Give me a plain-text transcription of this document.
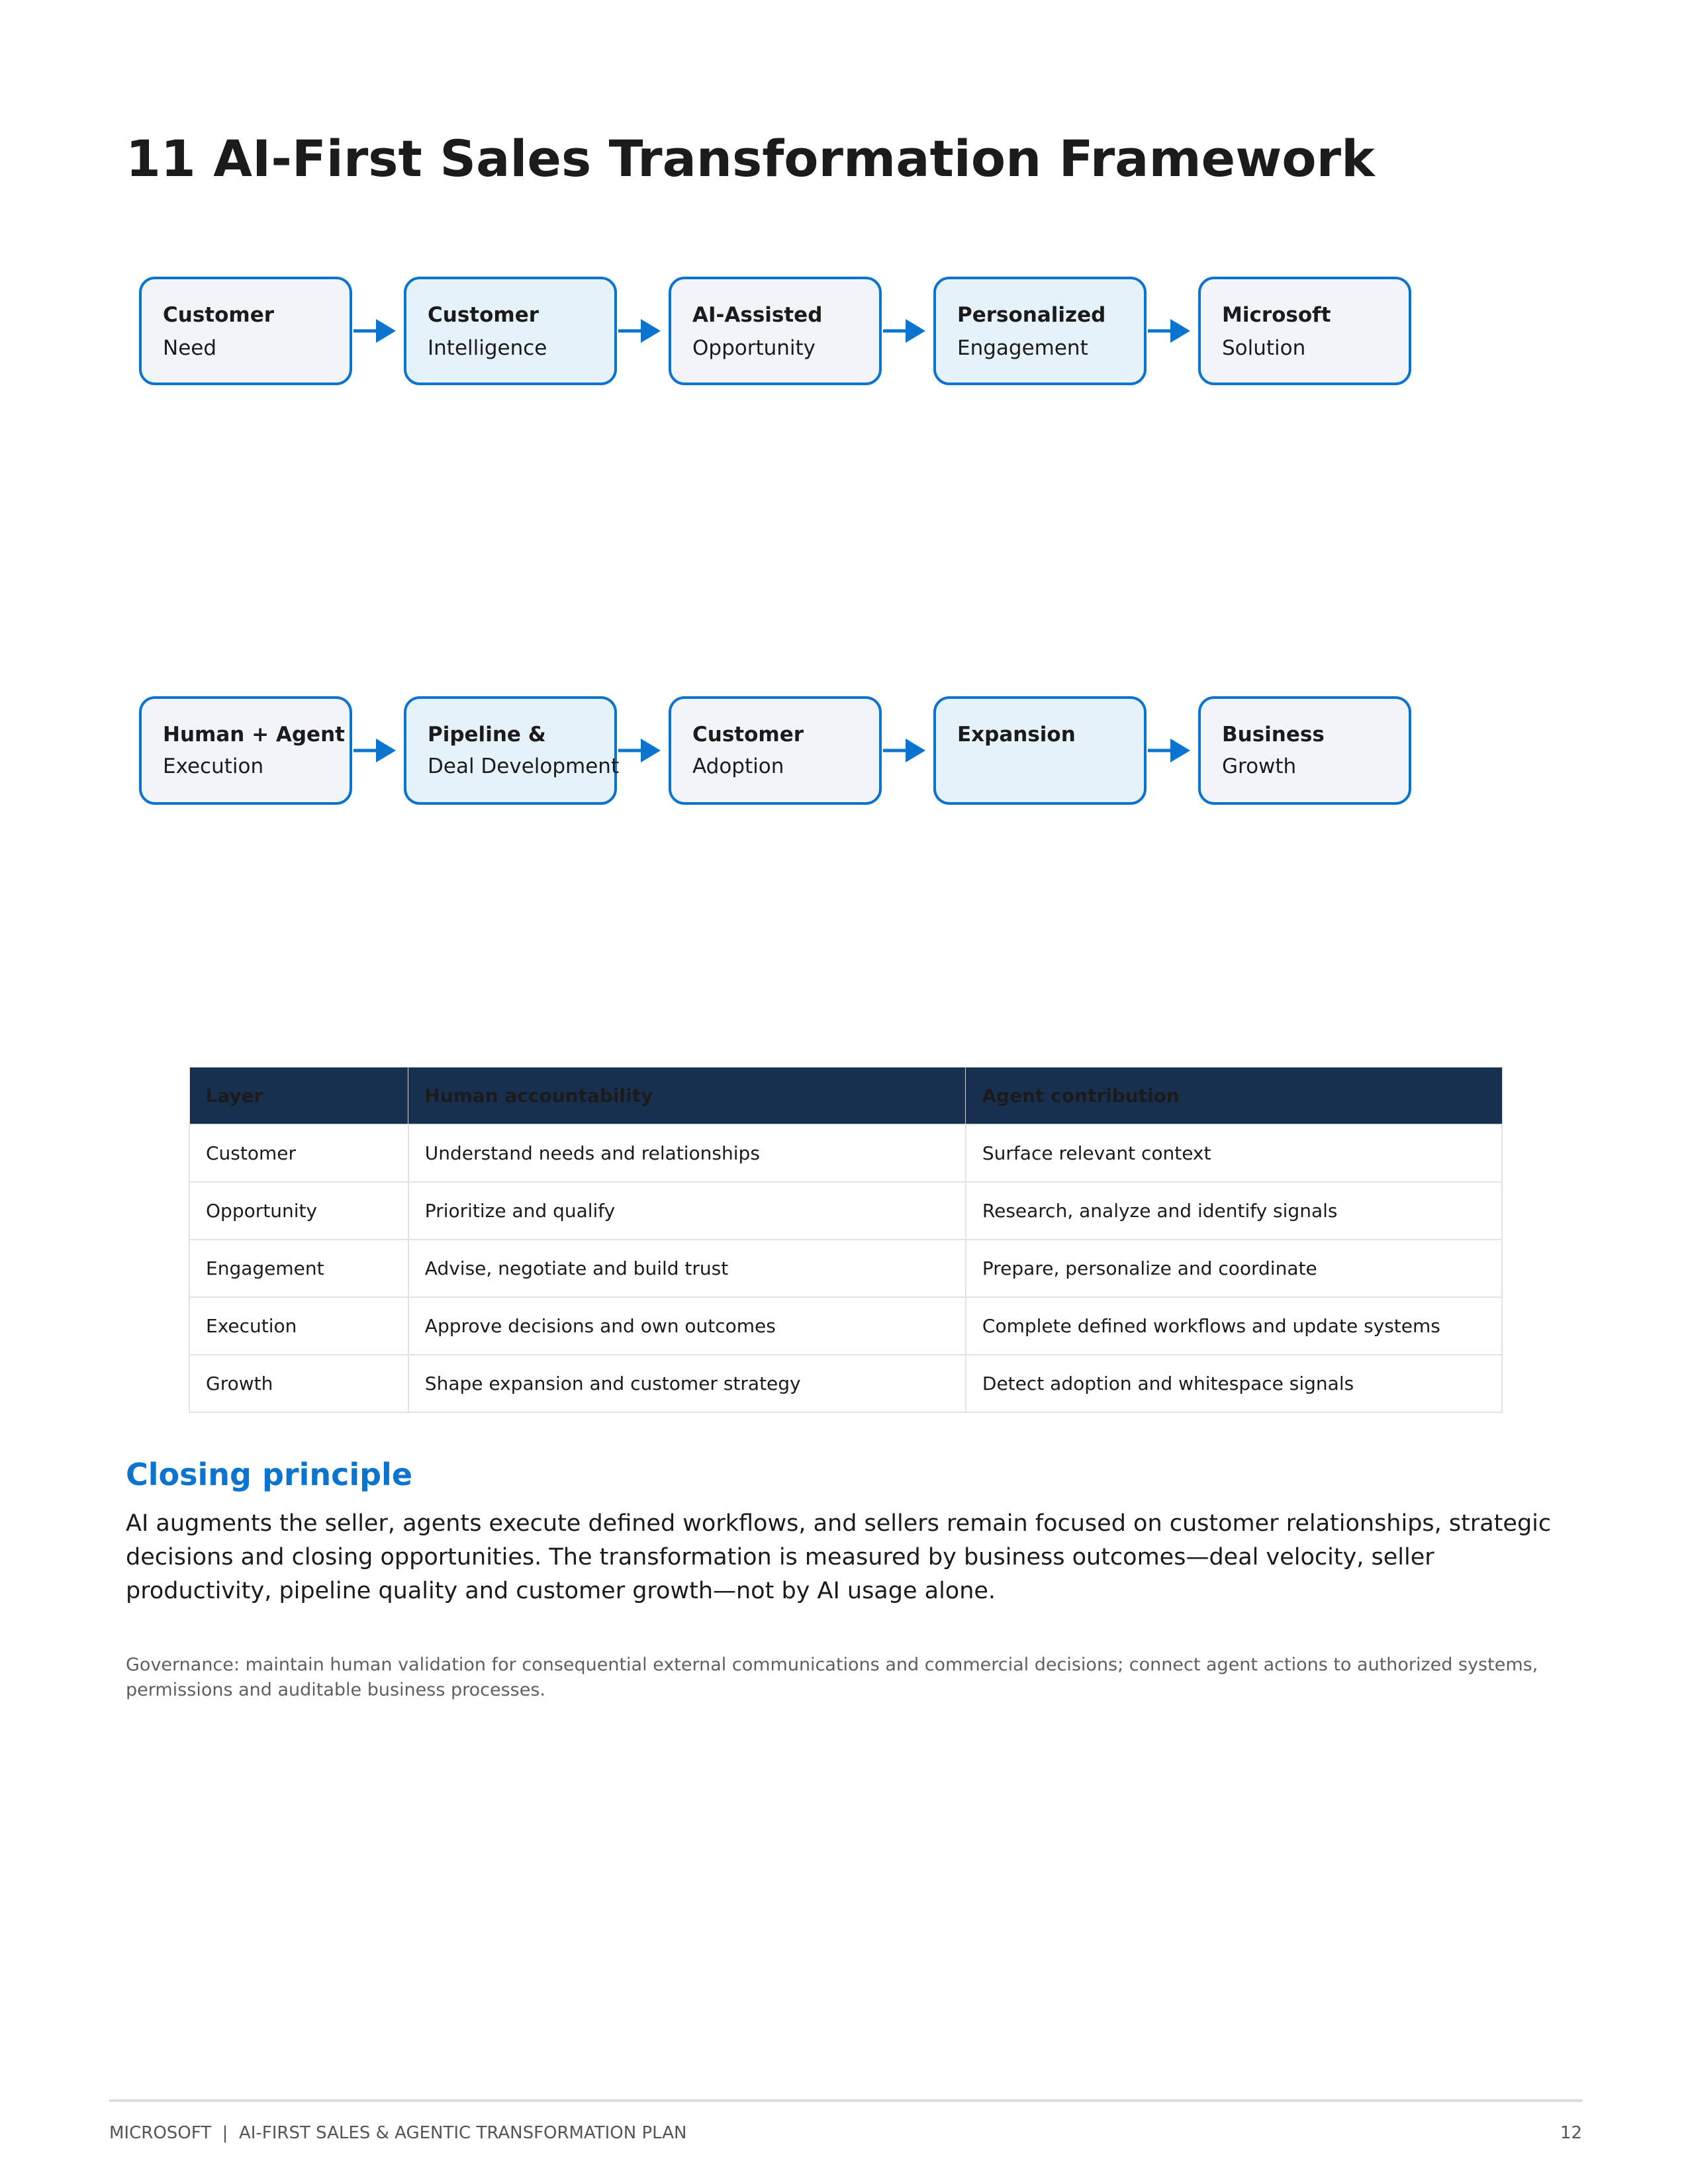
11 AI-First Sales Transformation Framework
Customer
Need
Customer
Intelligence
AI-Assisted
Opportunity
Personalized
Engagement
Microsoft
Solution
Human + Agent
Execution
Pipeline &
Deal Development
Customer
Adoption
Expansion	Business
Growth
Layer	Human accountability	Agent contribution
Customer	Understand needs and relationships	Surface relevant context
Opportunity	Prioritize and qualify	Research, analyze and identify signals
Engagement	Advise, negotiate and build trust	Prepare, personalize and coordinate
Execution	Approve decisions and own outcomes	Complete defined workflows and update systems
Growth	Shape expansion and customer strategy	Detect adoption and whitespace signals
Closing principle

AI augments the seller, agents execute defined workflows, and sellers remain focused on customer relationships, strategic decisions and closing opportunities. The transformation is measured by business outcomes—deal velocity, seller productivity, pipeline quality and customer growth—not by AI usage alone.

Governance: maintain human validation for consequential external communications and commercial decisions; connect agent actions to authorized systems, permissions and auditable business processes.

MICROSOFT  |  AI-FIRST SALES & AGENTIC TRANSFORMATION PLAN	12
